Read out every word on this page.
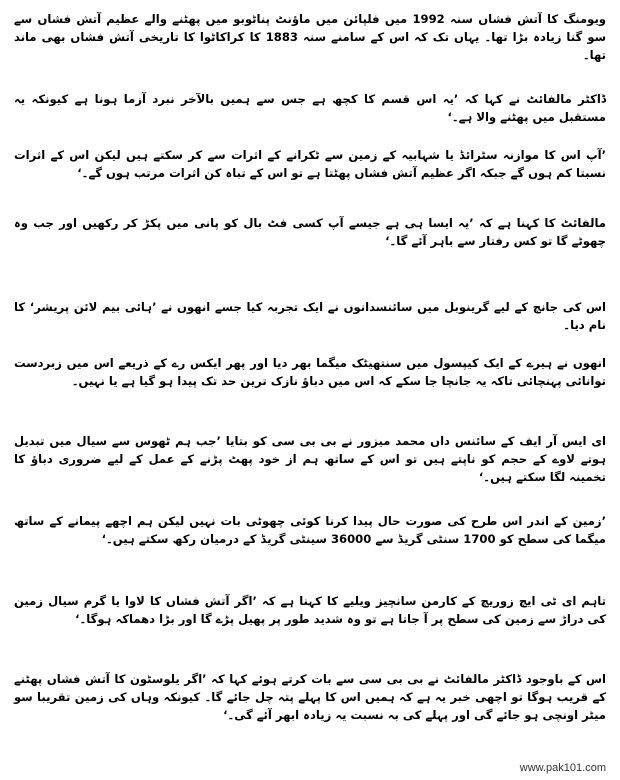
ویومنگ کا آتش فشاں سنہ 1992 میں فلپائن میں ماؤنٹ پناٹوبو میں پھٹنے والے عظیم آتش فشاں سے سو گنا زیادہ بڑا تھا۔ یہاں تک کہ اس کے سامنے سنہ 1883 کا کراکاٹوا کا تاریخی آتش فشاں بھی ماند تھا۔

ڈاکٹر مالفائٹ نے کہا کہ ’یہ اس قسم کا کچھ ہے جس سے ہمیں بالآخر نبرد آزما ہونا ہے کیونکہ یہ مستقبل میں پھٹنے والا ہے۔‘

’آپ اس کا موازنہ سٹرائڈ یا شہابیہ کے زمین سے ٹکرانے کے اثرات سے کر سکتے ہیں لیکن اس کے اثرات نسبتا کم ہوں گے جبکہ اگر عظیم آتش فشاں پھٹتا ہے تو اس کے تباہ کن اثرات مرتب ہوں گے۔‘

مالفائٹ کا کہنا ہے کہ ’یہ ایسا ہی ہے جیسے آپ کسی فٹ بال کو پانی میں پکڑ کر رکھیں اور جب وہ چھوٹے گا تو کس رفتار سے باہر آئے گا۔‘

اس کی جانچ کے لیے گرینوبل میں سائنسدانوں نے ایک تجربہ کیا جسے انھوں نے ’ہائی بیم لائن پریشر‘ کا نام دیا۔

انھوں نے ہیرے کے ایک کیپسول میں سنتھیٹک میگما بھر دیا اور پھر ایکس رے کے ذریعے اس میں زبردست توانائی پہنچائی تاکہ یہ جانچا جا سکے کہ اس میں دباؤ نازک ترین حد تک پیدا ہو گیا ہے یا نہیں۔

ای ایس آر ایف کے سائنس داں محمد میزور نے بی بی سی کو بتایا ’جب ہم ٹھوس سے سیال میں تبدیل ہوتے لاوے کے حجم کو ناپتے ہیں تو اس کے ساتھ ہم از خود پھٹ پڑنے کے عمل کے لیے ضروری دباؤ کا تخمینہ لگا سکتے ہیں۔‘

’زمین کے اندر اس طرح کی صورت حال پیدا کرنا کوئی چھوٹی بات نہیں لیکن ہم اچھے پیمانے کے ساتھ میگما کی سطح کو 1700 سنٹی گریڈ سے 36000 سینٹی گریڈ کے درمیان رکھ سکتے ہیں۔‘

تاہم ای ٹی ایچ زوریچ کے کارمن سانچیز ویلیے کا کہنا ہے کہ ’اگر آتش فشاں کا لاوا یا گرم سیال زمین کی دراڑ سے زمین کی سطح پر آ جاتا ہے تو وہ شدید طور پر پھیل پڑے گا اور بڑا دھماکہ ہوگا۔‘

اس کے باوجود ڈاکٹر مالفائٹ نے بی بی سی سے بات کرتے ہوئے کہا کہ ’اگر یلوسٹون کا آتش فشاں پھٹنے کے قریب ہوگا تو اچھی خبر یہ ہے کہ ہمیں اس کا پہلے پتہ چل جائے گا۔ کیونکہ وہاں کی زمین تقریبا سو میٹر اونچی ہو جائے گی اور پہلے کی بہ نسبت یہ زیادہ ابھر آئے گی۔‘

www.pak101.com
